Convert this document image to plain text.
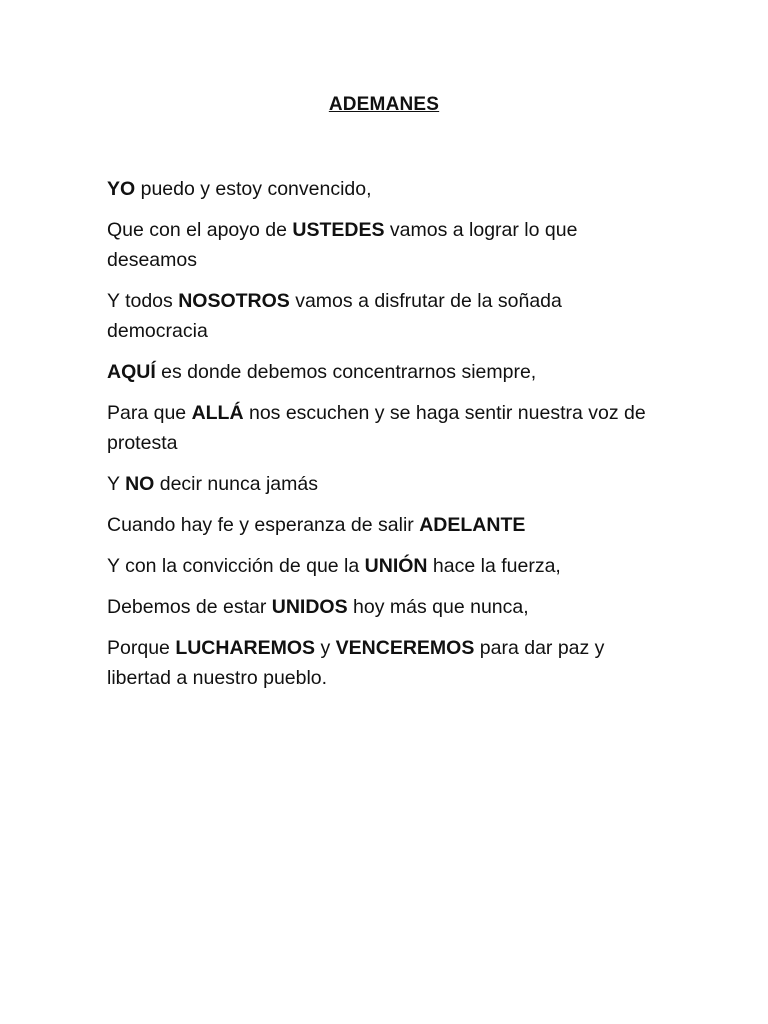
ADEMANES

YO puedo y estoy convencido,

Que con el apoyo de USTEDES vamos a lograr lo que deseamos

Y todos NOSOTROS vamos a disfrutar de la soñada democracia

AQUÍ es donde debemos concentrarnos siempre,

Para que ALLÁ nos escuchen y se haga sentir nuestra voz de protesta

Y NO decir nunca jamás

Cuando hay fe y esperanza de salir ADELANTE

Y con la convicción de que la UNIÓN hace la fuerza,

Debemos de estar UNIDOS hoy más que nunca,

Porque LUCHAREMOS y VENCEREMOS para dar paz y libertad a nuestro pueblo.
